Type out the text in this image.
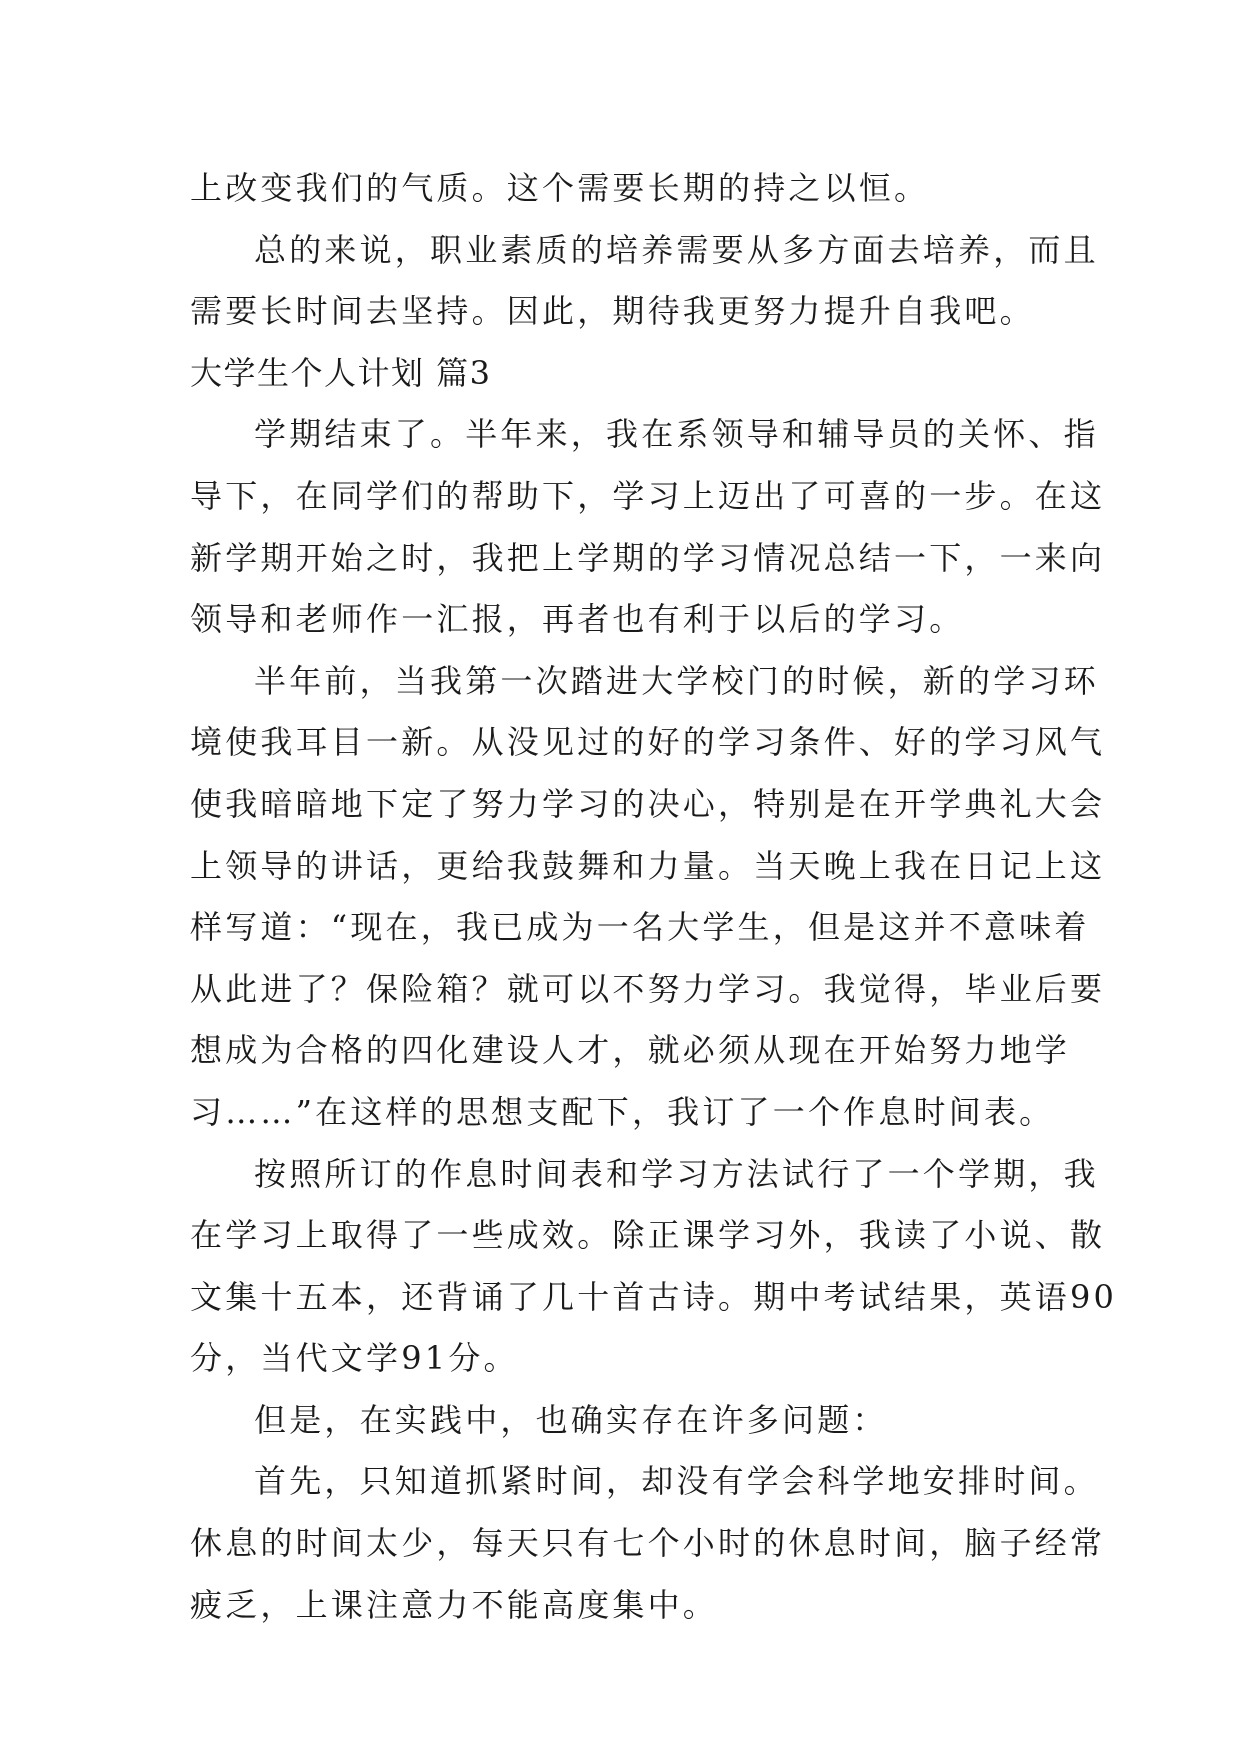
上改变我们的气质。这个需要长期的持之以恒。
总的来说，职业素质的培养需要从多方面去培养，而且
需要长时间去坚持。因此，期待我更努力提升自我吧。
大学生个人计划 篇3
学期结束了。半年来，我在系领导和辅导员的关怀、指
导下，在同学们的帮助下，学习上迈出了可喜的一步。在这
新学期开始之时，我把上学期的学习情况总结一下，一来向
领导和老师作一汇报，再者也有利于以后的学习。
半年前，当我第一次踏进大学校门的时候，新的学习环
境使我耳目一新。从没见过的好的学习条件、好的学习风气
使我暗暗地下定了努力学习的决心，特别是在开学典礼大会
上领导的讲话，更给我鼓舞和力量。当天晚上我在日记上这
样写道：“现在，我已成为一名大学生，但是这并不意味着
从此进了？保险箱？就可以不努力学习。我觉得，毕业后要
想成为合格的四化建设人才，就必须从现在开始努力地学
习……”在这样的思想支配下，我订了一个作息时间表。
按照所订的作息时间表和学习方法试行了一个学期，我
在学习上取得了一些成效。除正课学习外，我读了小说、散
文集十五本，还背诵了几十首古诗。期中考试结果，英语90
分，当代文学91分。
但是，在实践中，也确实存在许多问题：
首先，只知道抓紧时间，却没有学会科学地安排时间。
休息的时间太少，每天只有七个小时的休息时间，脑子经常
疲乏，上课注意力不能高度集中。
